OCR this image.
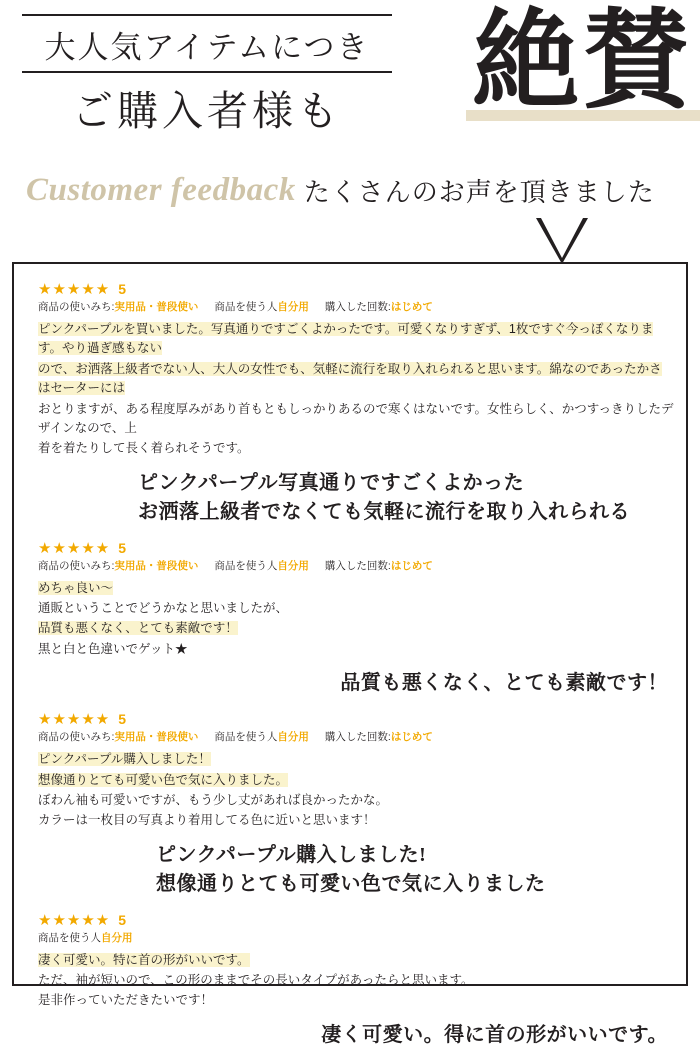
大人気アイテムにつき
ご購入者様も	絶賛
Customer feedback たくさんのお声を頂きました
★★★★★ 5
商品の使いみち:実用品・普段使い 商品を使う人自分用 購入した回数:はじめて

ピンクパープルを買いました。写真通りですごくよかったです。可愛くなりすぎず、1枚ですぐ今っぽくなります。やり過ぎ感もない

ので、お洒落上級者でない人、大人の女性でも、気軽に流行を取り入れられると思います。綿なのであったかさはセーターには

おとりますが、ある程度厚みがあり首もともしっかりあるので寒くはないです。女性らしく、かつすっきりしたデザインなので、上

着を着たりして長く着られそうです。

ピンクパープル写真通りですごくよかった
お洒落上級者でなくても気軽に流行を取り入れられる
★★★★★ 5
商品の使いみち:実用品・普段使い 商品を使う人自分用 購入した回数:はじめて

めちゃ良い〜

通販ということでどうかなと思いましたが、

品質も悪くなく、とても素敵です！

黒と白と色違いでゲット★

品質も悪くなく、とても素敵です！
★★★★★ 5
商品の使いみち:実用品・普段使い 商品を使う人自分用 購入した回数:はじめて

ピンクパープル購入しました！

想像通りとても可愛い色で気に入りました。

ぼわん袖も可愛いですが、もう少し丈があれば良かったかな。

カラーは一枚目の写真より着用してる色に近いと思います！

ピンクパープル購入しました!
想像通りとても可愛い色で気に入りました
★★★★★ 5
商品を使う人自分用

凄く可愛い。特に首の形がいいです。

ただ、袖が短いので、この形のままでその長いタイプがあったらと思います。

是非作っていただきたいです！

凄く可愛い。得に首の形がいいです。
